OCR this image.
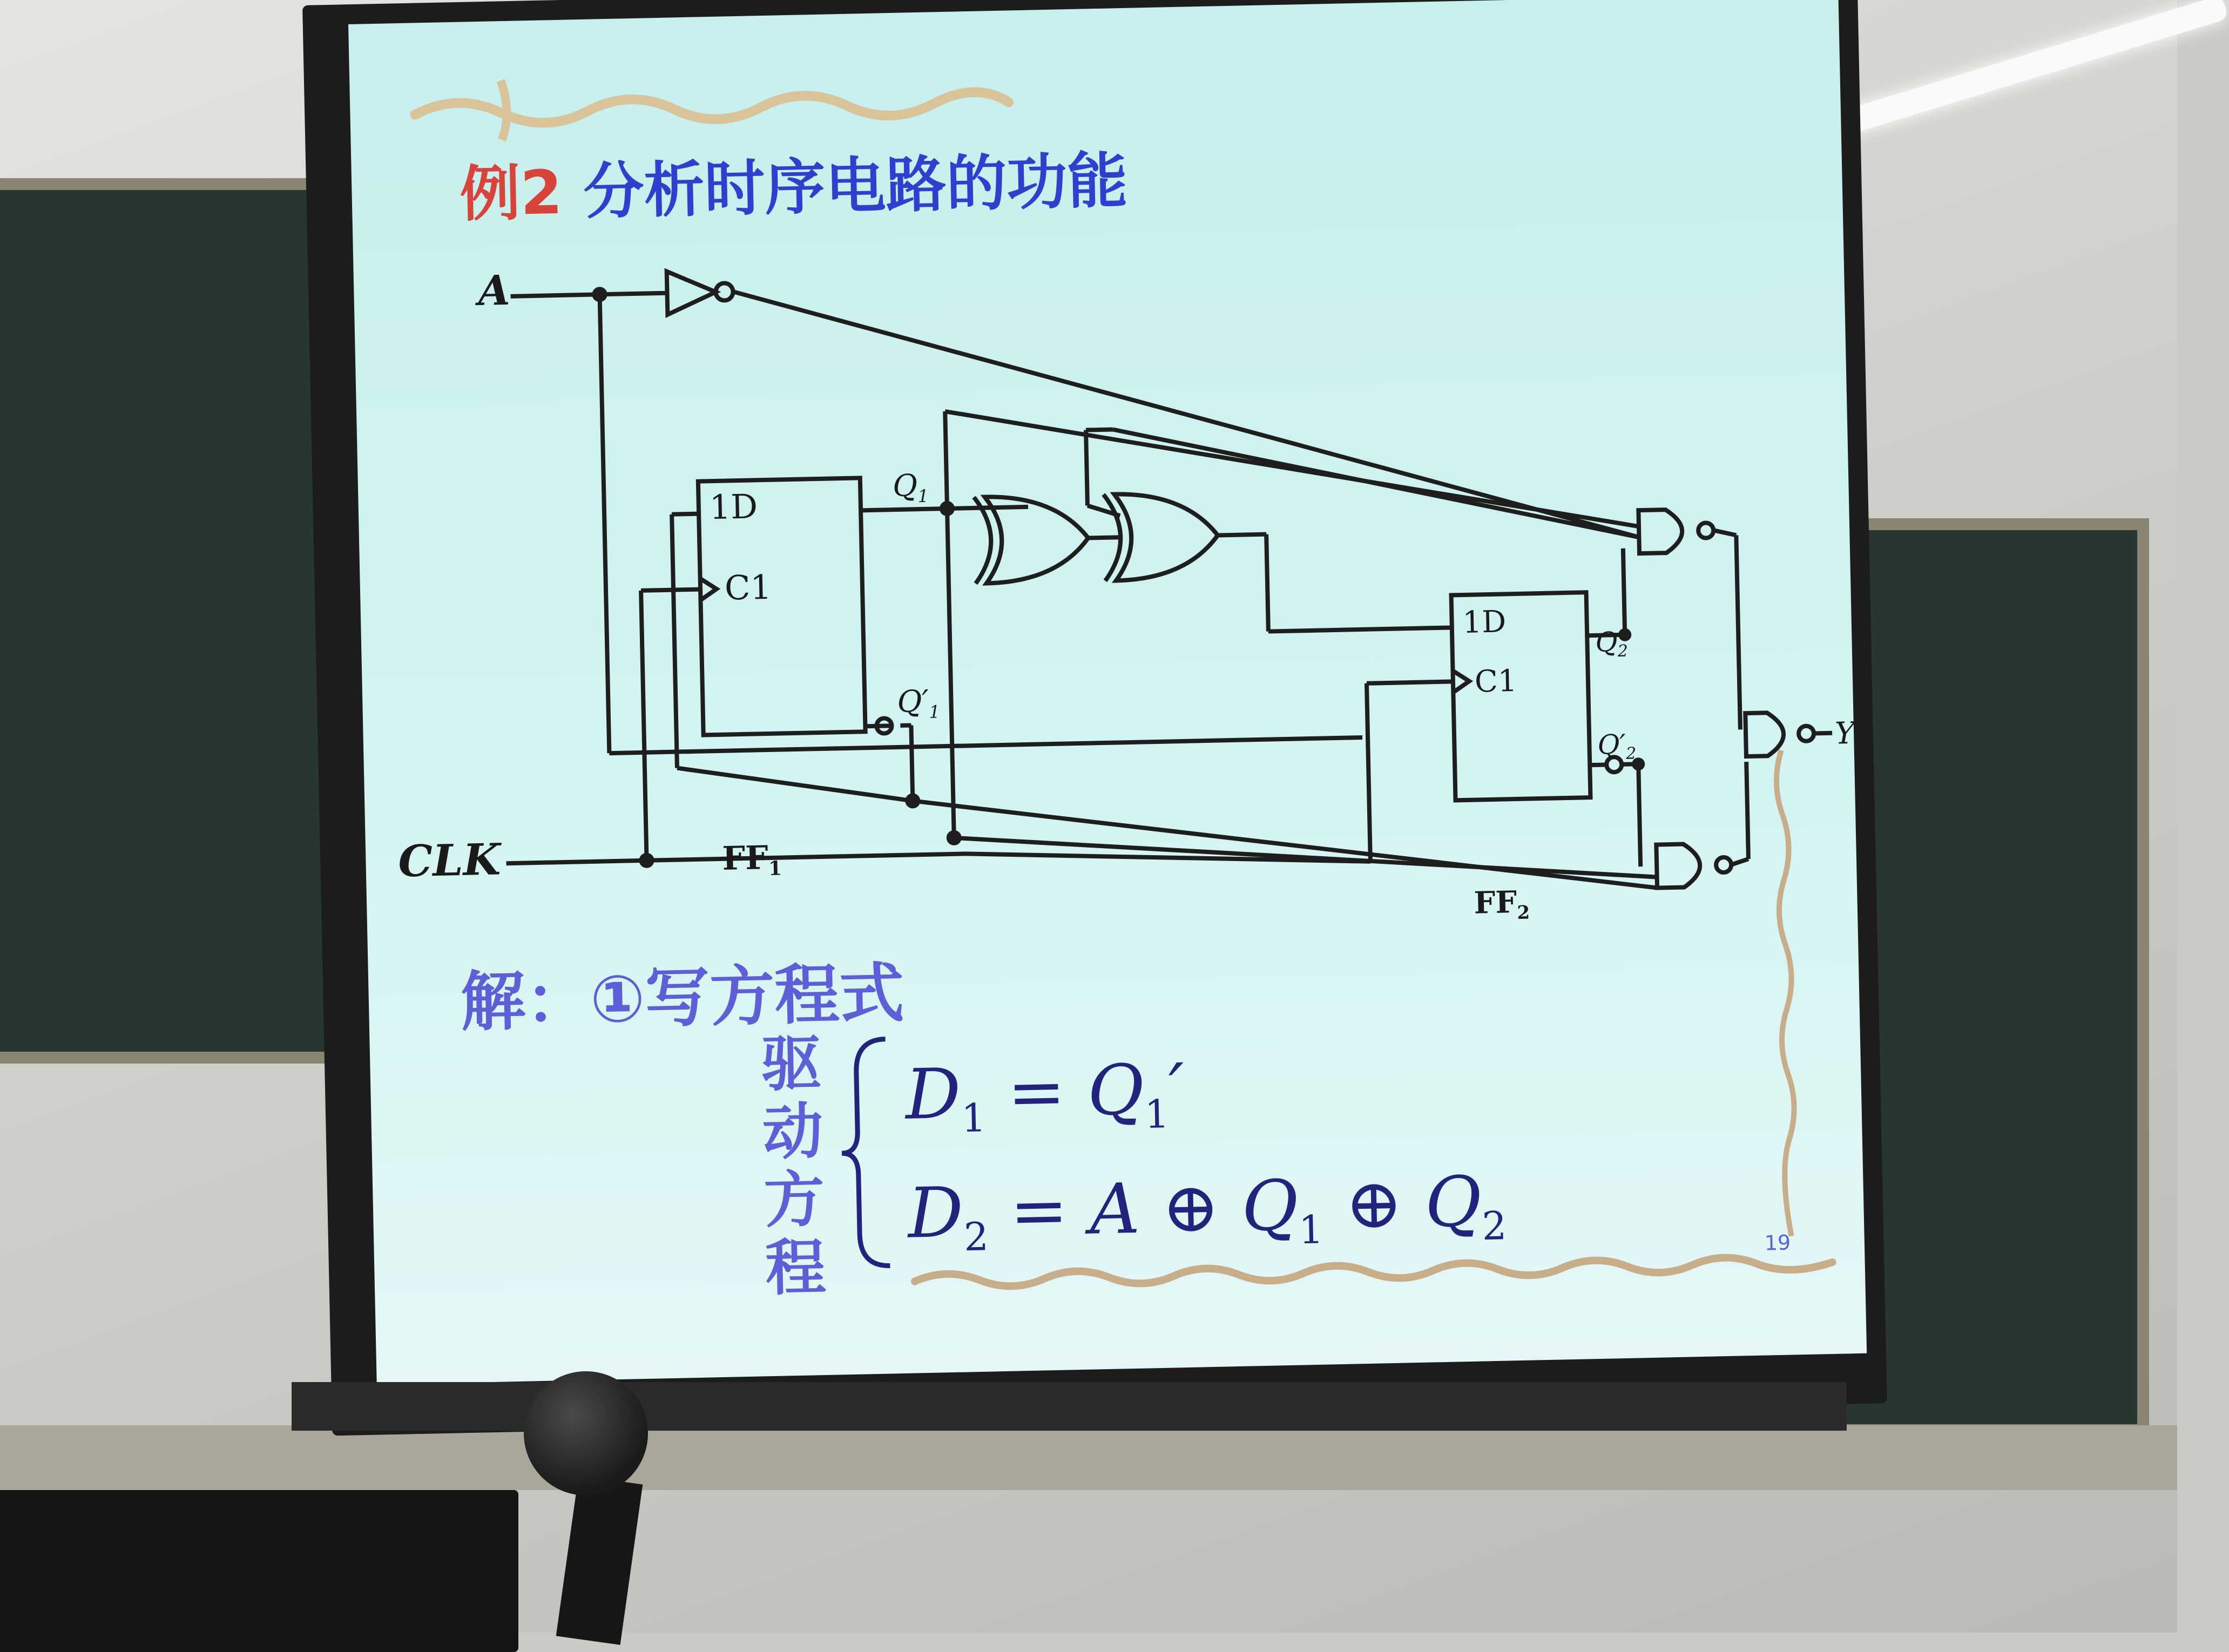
例2 分析时序电路的功能
A
CLK
1D
C1
1D
C1
$FF_1$
$FF_2$
$Q_1$
$Q'_1$
$Q_2$
$Q'_2$
Y
解：①写方程式
驱
动
方
程
$D_1 = Q_1'$
$D_2 = A$ ⊕ $Q_1$ ⊕ $Q_2$	19
